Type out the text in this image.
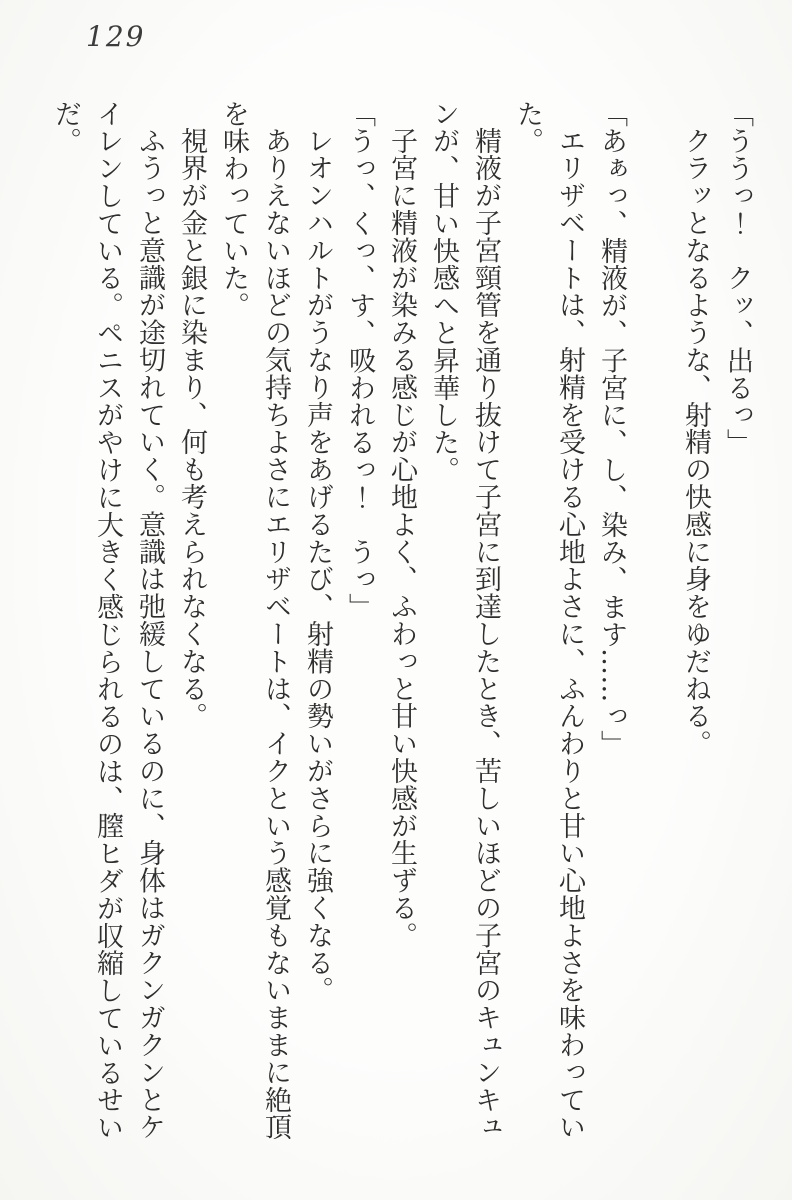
129

「ううっ！　クッ、出るっ」

クラッとなるような、射精の快感に身をゆだねる。

「あぁっ、精液が、子宮に、し、染み、ます……っ」

エリザベートは、射精を受ける心地よさに、ふんわりと甘い心地よさを味わってい

た。

精液が子宮頸管を通り抜けて子宮に到達したとき、苦しいほどの子宮のキュンキュ

ンが、甘い快感へと昇華した。

子宮に精液が染みる感じが心地よく、ふわっと甘い快感が生ずる。

「うっ、くっ、す、吸われるっ！　うっ」

レオンハルトがうなり声をあげるたび、射精の勢いがさらに強くなる。

ありえないほどの気持ちよさにエリザベートは、イクという感覚もないままに絶頂

を味わっていた。

視界が金と銀に染まり、何も考えられなくなる。

ふうっと意識が途切れていく。意識は弛緩しているのに、身体はガクンガクンとケ

イレンしている。ペニスがやけに大きく感じられるのは、膣ヒダが収縮しているせい

だ。
